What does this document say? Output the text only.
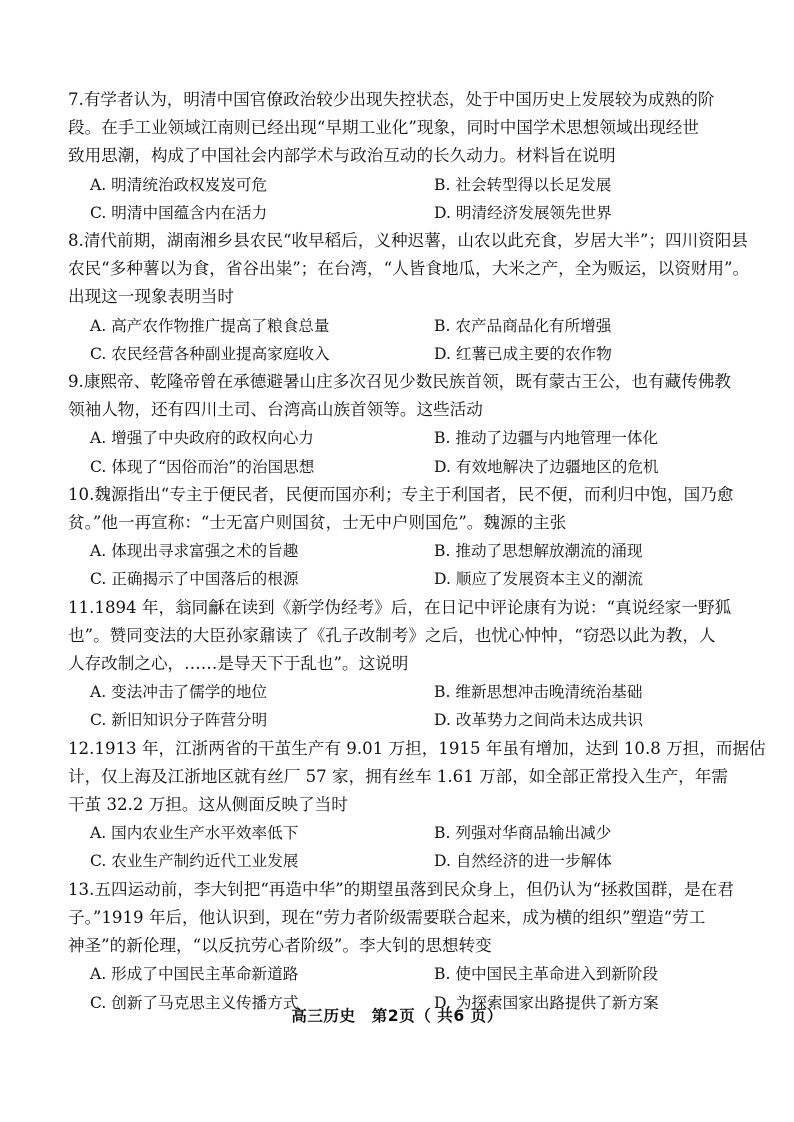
7.有学者认为，明清中国官僚政治较少出现失控状态，处于中国历史上发展较为成熟的阶
段。在手工业领域江南则已经出现“早期工业化”现象，同时中国学术思想领域出现经世
致用思潮，构成了中国社会内部学术与政治互动的长久动力。材料旨在说明

A. 明清统治政权岌岌可危	B. 社会转型得以长足发展
C. 明清中国蕴含内在活力	D. 明清经济发展领先世界

8.清代前期，湖南湘乡县农民“收早稻后，义种迟薯，山农以此充食，岁居大半”；四川资阳县
农民“多种薯以为食，省谷出粜”；在台湾，“人皆食地瓜，大米之产，全为贩运，以资财用”。
出现这一现象表明当时

A. 高产农作物推广提高了粮食总量	B. 农产品商品化有所增强
C. 农民经营各种副业提高家庭收入	D. 红薯已成主要的农作物

9.康熙帝、乾隆帝曾在承德避暑山庄多次召见少数民族首领，既有蒙古王公，也有藏传佛教
领袖人物，还有四川土司、台湾高山族首领等。这些活动

A. 增强了中央政府的政权向心力	B. 推动了边疆与内地管理一体化
C. 体现了“因俗而治”的治国思想	D. 有效地解决了边疆地区的危机

10.魏源指出“专主于便民者，民便而国亦利；专主于利国者，民不便，而利归中饱，国乃愈
贫。”他一再宣称：“士无富户则国贫，士无中户则国危”。魏源的主张

A. 体现出寻求富强之术的旨趣	B. 推动了思想解放潮流的涌现
C. 正确揭示了中国落后的根源	D. 顺应了发展资本主义的潮流

11.1894 年，翁同龢在读到《新学伪经考》后，在日记中评论康有为说：“真说经家一野狐
也”。赞同变法的大臣孙家鼐读了《孔子改制考》之后，也忧心忡忡，“窃恐以此为教，人
人存改制之心，……是导天下于乱也”。这说明

A. 变法冲击了儒学的地位	B. 维新思想冲击晚清统治基础
C. 新旧知识分子阵营分明	D. 改革势力之间尚未达成共识

12.1913 年，江浙两省的干茧生产有 9.01 万担，1915 年虽有增加，达到 10.8 万担，而据估
计，仅上海及江浙地区就有丝厂 57 家，拥有丝车 1.61 万部，如全部正常投入生产，年需
干茧 32.2 万担。这从侧面反映了当时

A. 国内农业生产水平效率低下	B. 列强对华商品输出减少
C. 农业生产制约近代工业发展	D. 自然经济的进一步解体

13.五四运动前，李大钊把“再造中华”的期望虽落到民众身上，但仍认为“拯救国群，是在君
子。”1919 年后，他认识到，现在“劳力者阶级需要联合起来，成为横的组织”塑造“劳工
神圣”的新伦理，“以反抗劳心者阶级”。李大钊的思想转变

A. 形成了中国民主革命新道路	B. 使中国民主革命进入到新阶段
C. 创新了马克思主义传播方式	D. 为探索国家出路提供了新方案
高三历史　第2页（ 共6 页）
